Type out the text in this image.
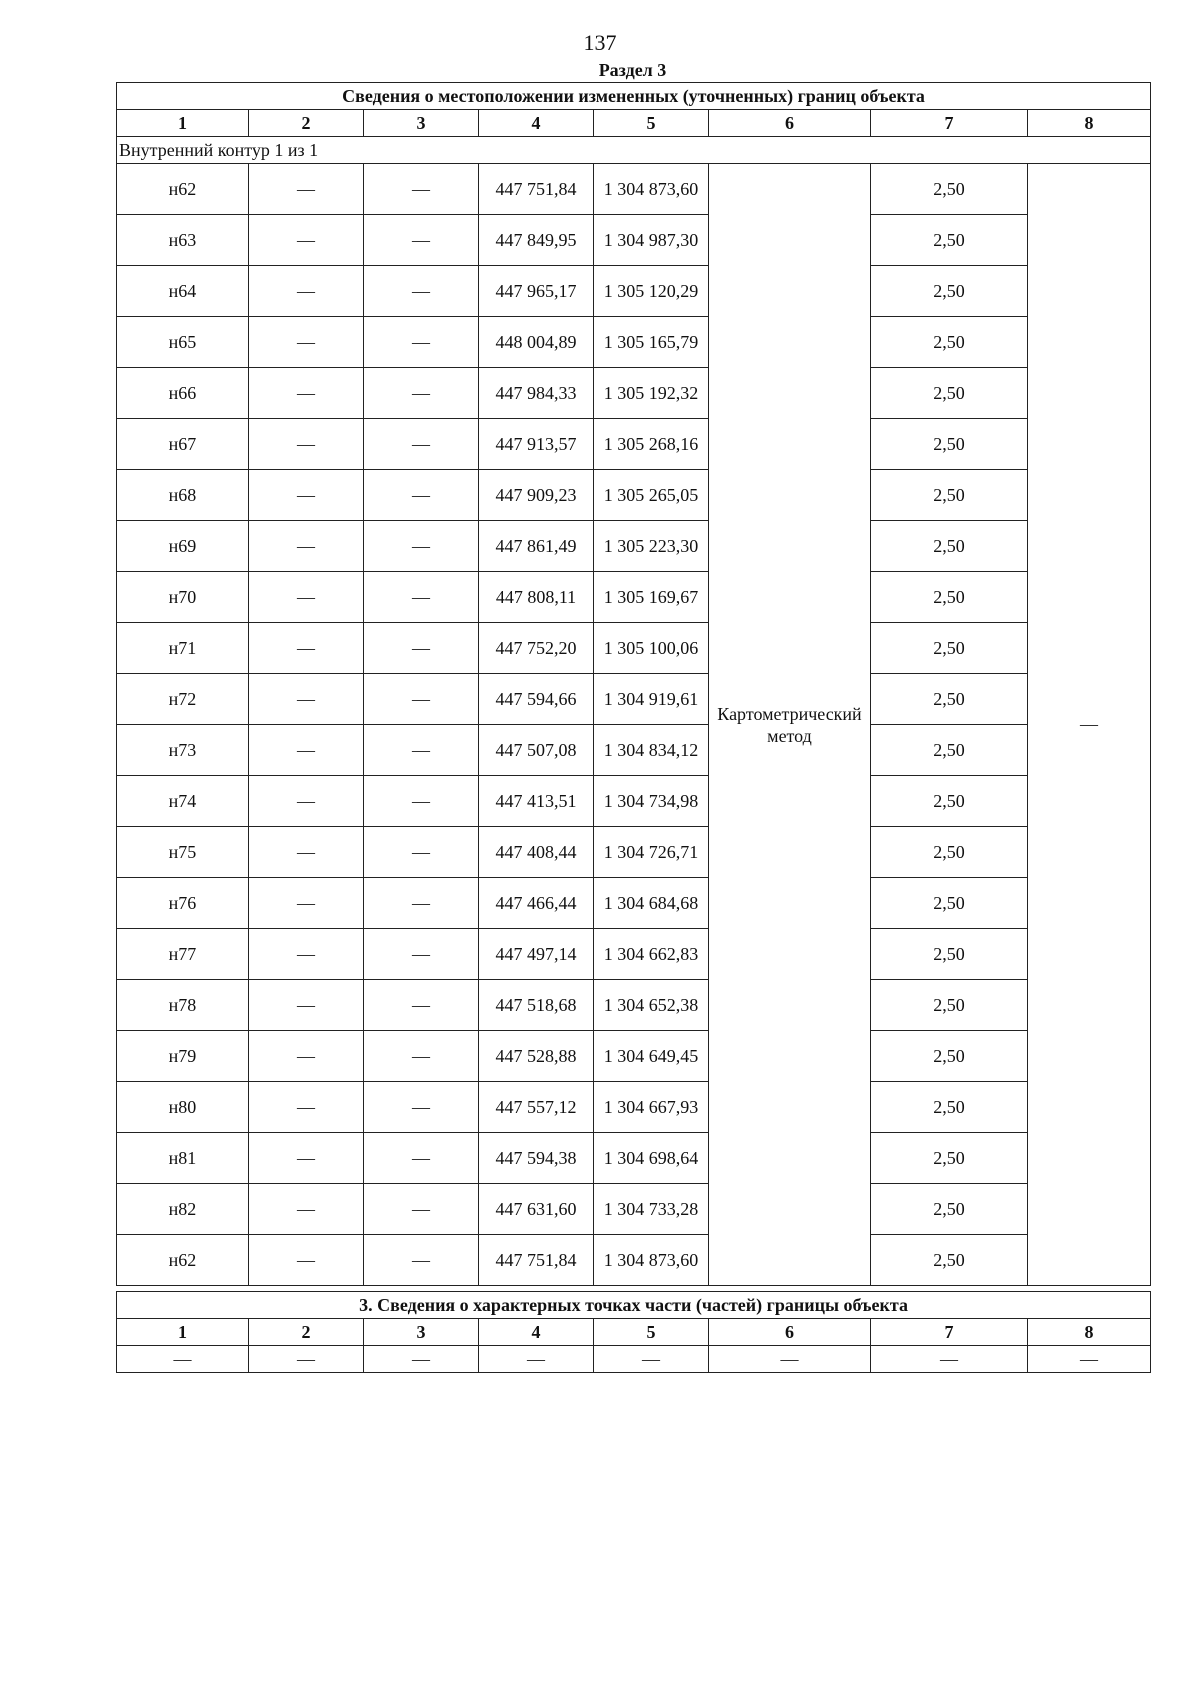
137
Раздел 3
Сведения о местоположении измененных (уточненных) границ объекта							
1	2	3	4	5	6	7	8
Внутренний контур 1 из 1							
н62	—	—	447 751,84	1 304 873,60	Картометрический метод	2,50	—
н63	—	—	447 849,95	1 304 987,30		2,50	
н64	—	—	447 965,17	1 305 120,29		2,50	
н65	—	—	448 004,89	1 305 165,79		2,50	
н66	—	—	447 984,33	1 305 192,32		2,50	
н67	—	—	447 913,57	1 305 268,16		2,50	
н68	—	—	447 909,23	1 305 265,05		2,50	
н69	—	—	447 861,49	1 305 223,30		2,50	
н70	—	—	447 808,11	1 305 169,67		2,50	
н71	—	—	447 752,20	1 305 100,06		2,50	
н72	—	—	447 594,66	1 304 919,61		2,50	
н73	—	—	447 507,08	1 304 834,12		2,50	
н74	—	—	447 413,51	1 304 734,98		2,50	
н75	—	—	447 408,44	1 304 726,71		2,50	
н76	—	—	447 466,44	1 304 684,68		2,50	
н77	—	—	447 497,14	1 304 662,83		2,50	
н78	—	—	447 518,68	1 304 652,38		2,50	
н79	—	—	447 528,88	1 304 649,45		2,50	
н80	—	—	447 557,12	1 304 667,93		2,50	
н81	—	—	447 594,38	1 304 698,64		2,50	
н82	—	—	447 631,60	1 304 733,28		2,50	
н62	—	—	447 751,84	1 304 873,60		2,50	
3. Сведения о характерных точках части (частей) границы объекта							
1	2	3	4	5	6	7	8
—	—	—	—	—	—	—	—
